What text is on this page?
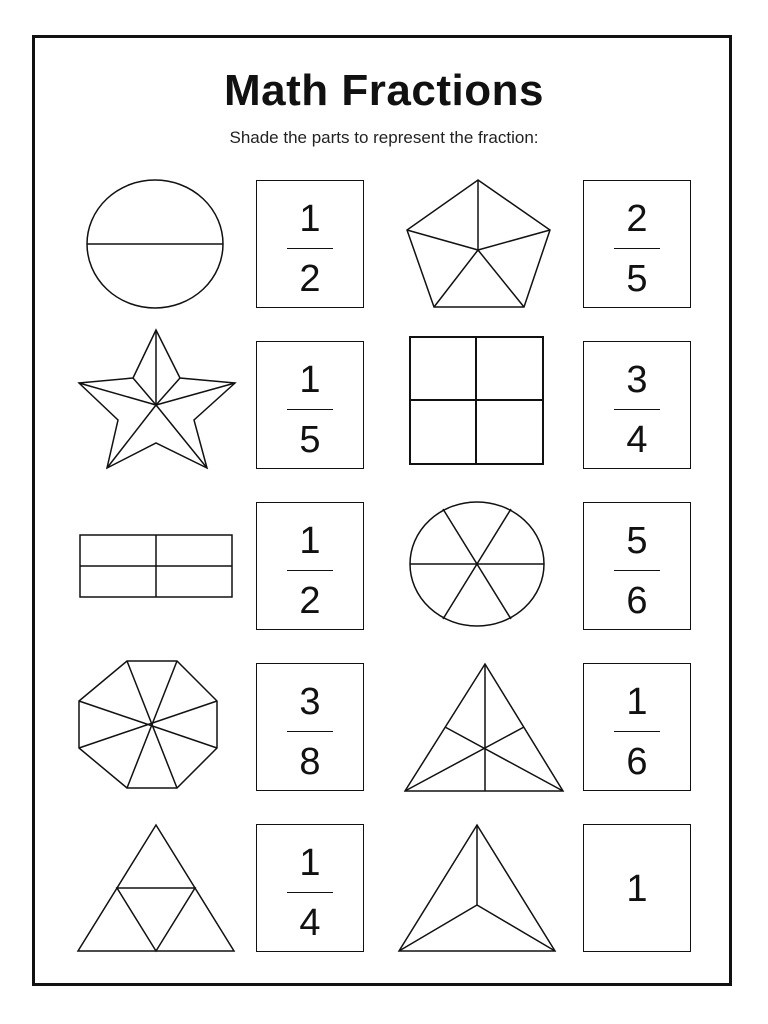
Math Fractions
Shade the parts to represent the fraction:
1
2
2
5
1
5
3
4
1
2
5
6
3
8
1
6
1
4
1
